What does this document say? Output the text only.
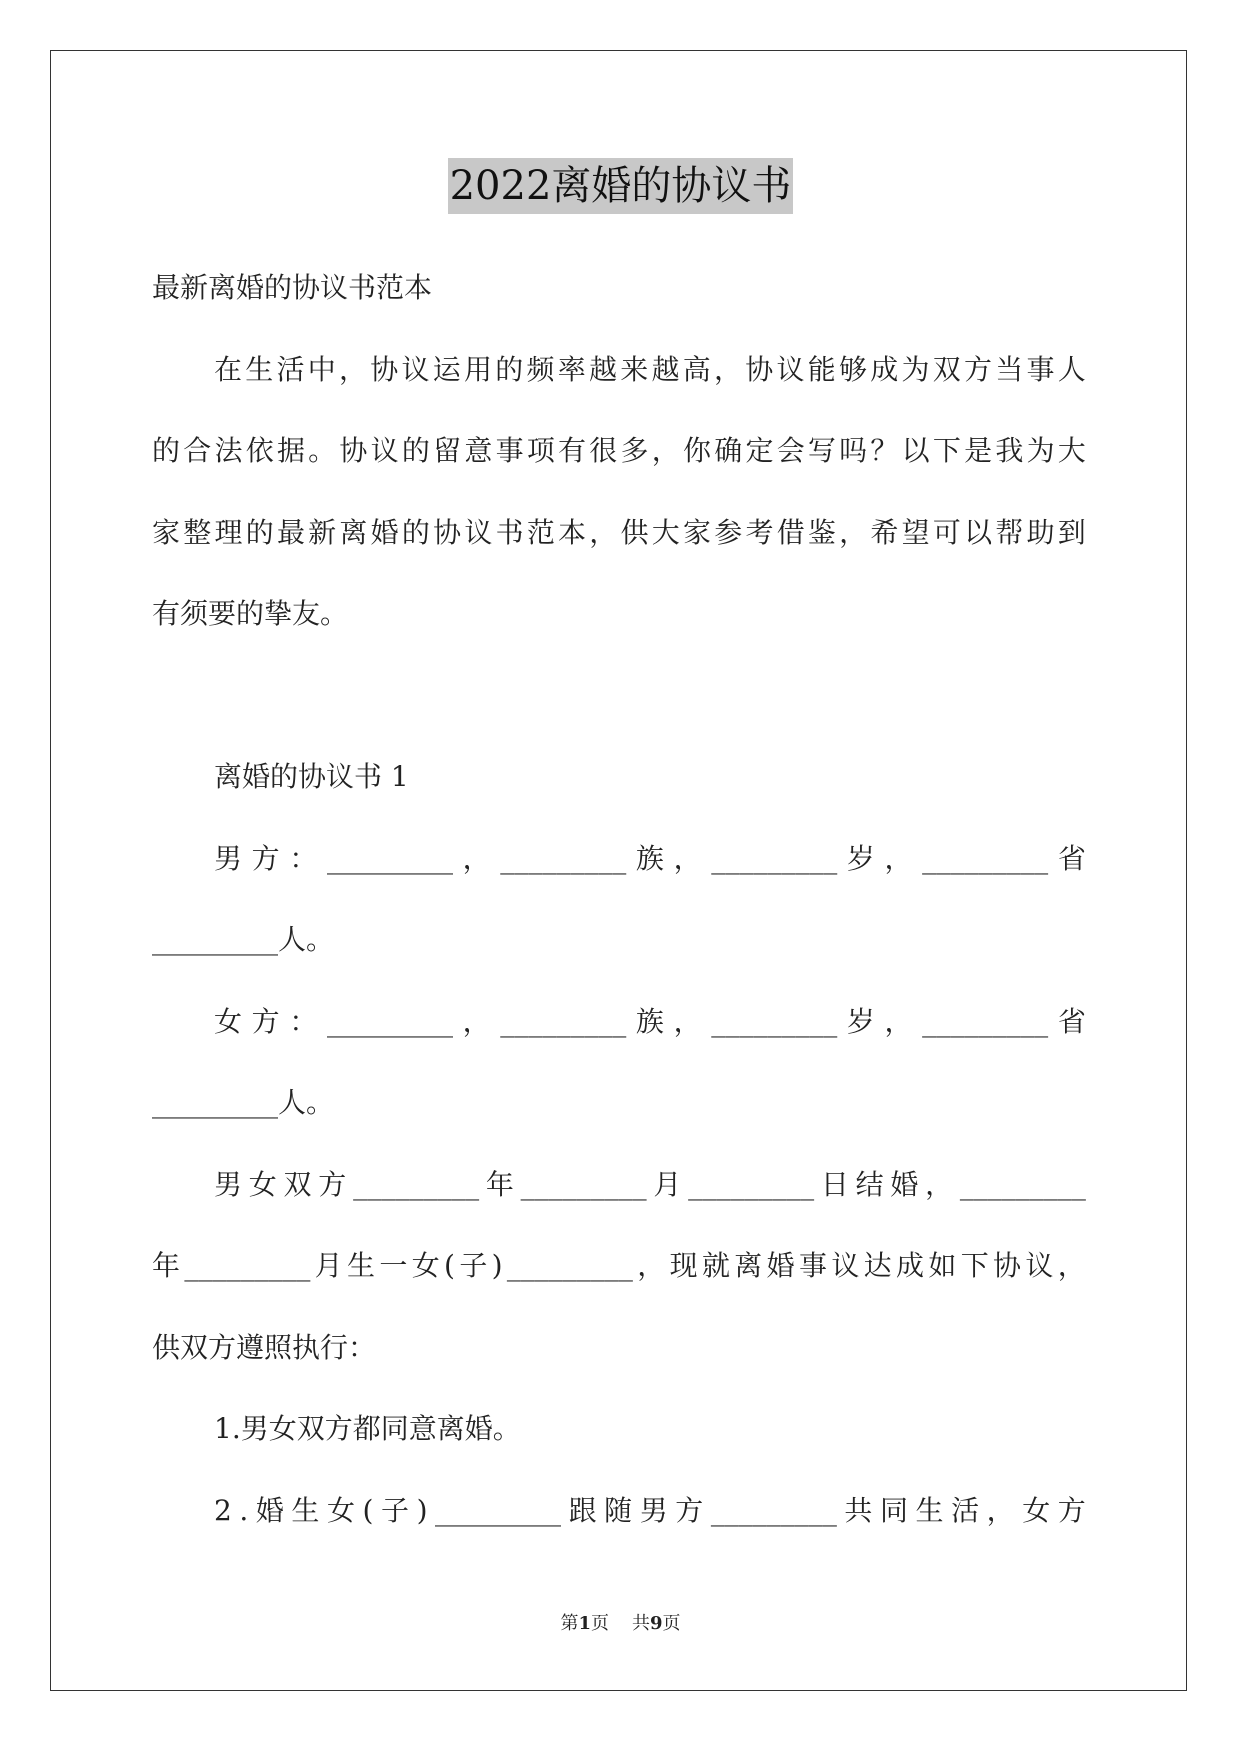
2022离婚的协议书
最新离婚的协议书范本
在 生 活 中 ， 协 议 运 用 的 频 率 越 来 越 高 ， 协 议 能 够 成 为 双 方 当 事 人
的 合 法 依 据 。 协 议 的 留 意 事 项 有 很 多 ， 你 确 定 会 写 吗 ？ 以 下 是 我 为 大
家 整 理 的 最 新 离 婚 的 协 议 书 范 本 ， 供 大 家 参 考 借 鉴 ， 希 望 可 以 帮 助 到
有须要的挚友。
离婚的协议书 1
男 方 ： _________ ， _________ 族 ， _________ 岁 ， _________ 省
_________人。
女 方 ： _________ ， _________ 族 ， _________ 岁 ， _________ 省
_________人。
男 女 双 方 _________ 年 _________ 月 _________ 日 结 婚 ， _________
年 _________ 月 生 一 女 ( 子 ) _________ ， 现 就 离 婚 事 议 达 成 如 下 协 议 ，
供双方遵照执行：
1.男女双方都同意离婚。
2 . 婚 生 女 ( 子 ) _________ 跟 随 男 方 _________ 共 同 生 活 ， 女 方
第1页 共9页
